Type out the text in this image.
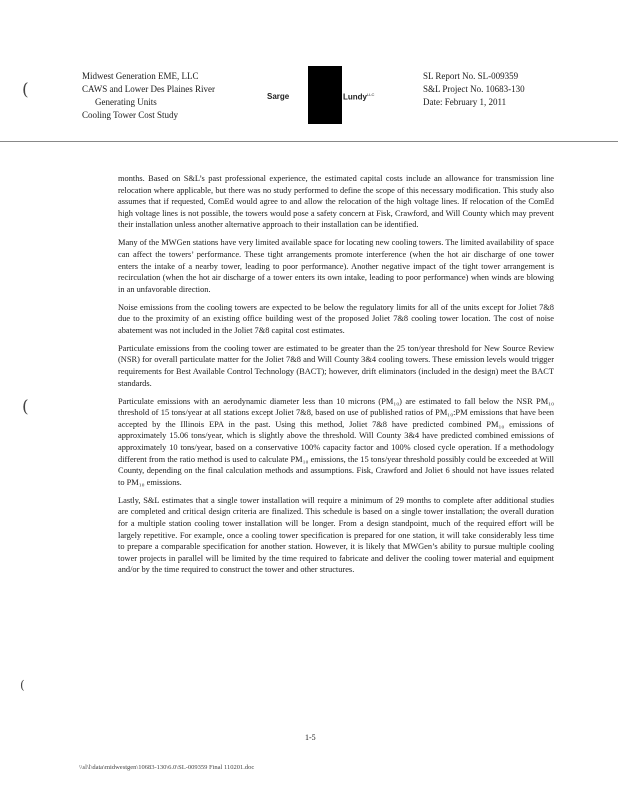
Midwest Generation EME, LLC
CAWS and Lower Des Plaines River
Generating Units
Cooling Tower Cost Study
Sarge	Lundy$^{LLC}$
SL Report No. SL-009359
S&L Project No. 10683-130
Date: February 1, 2011
(
(
(

months. Based on S&L’s past professional experience, the estimated capital costs include an allowance for transmission line relocation where applicable, but there was no study performed to define the scope of this necessary modification. This study also assumes that if requested, ComEd would agree to and allow the relocation of the high voltage lines. If relocation of the ComEd high voltage lines is not possible, the towers would pose a safety concern at Fisk, Crawford, and Will County which may prevent their installation unless another alternative approach to their installation can be identified.

Many of the MWGen stations have very limited available space for locating new cooling towers. The limited availability of space can affect the towers’ performance. These tight arrangements promote interference (when the hot air discharge of one tower enters the intake of a nearby tower, leading to poor performance). Another negative impact of the tight tower arrangement is recirculation (when the hot air discharge of a tower enters its own intake, leading to poor performance) when winds are blowing in an unfavorable direction.

Noise emissions from the cooling towers are expected to be below the regulatory limits for all of the units except for Joliet 7&8 due to the proximity of an existing office building west of the proposed Joliet 7&8 cooling tower location. The cost of noise abatement was not included in the Joliet 7&8 capital cost estimates.

Particulate emissions from the cooling tower are estimated to be greater than the 25 ton/year threshold for New Source Review (NSR) for overall particulate matter for the Joliet 7&8 and Will County 3&4 cooling towers. These emission levels would trigger requirements for Best Available Control Technology (BACT); however, drift eliminators (included in the design) meet the BACT standards.

Particulate emissions with an aerodynamic diameter less than 10 microns (PM₁₀) are estimated to fall below the NSR PM₁₀ threshold of 15 tons/year at all stations except Joliet 7&8, based on use of published ratios of PM₁₀:PM emissions that have been accepted by the Illinois EPA in the past. Using this method, Joliet 7&8 have predicted combined PM₁₀ emissions of approximately 15.06 tons/year, which is slightly above the threshold. Will County 3&4 have predicted combined emissions of approximately 10 tons/year, based on a conservative 100% capacity factor and 100% closed cycle operation. If a methodology different from the ratio method is used to calculate PM₁₀ emissions, the 15 tons/year threshold possibly could be exceeded at Will County, depending on the final calculation methods and assumptions. Fisk, Crawford and Joliet 6 should not have issues related to PM₁₀ emissions.

Lastly, S&L estimates that a single tower installation will require a minimum of 29 months to complete after additional studies are completed and critical design criteria are finalized. This schedule is based on a single tower installation; the overall duration for a multiple station cooling tower installation will be longer. From a design standpoint, much of the required effort will be largely repetitive. For example, once a cooling tower specification is prepared for one station, it will take considerably less time to prepare a comparable specification for another station. However, it is likely that MWGen’s ability to pursue multiple cooling tower projects in parallel will be limited by the time required to fabricate and deliver the cooling tower material and equipment and/or by the time required to construct the tower and other structures.

1-5
\\sl\l\data\midwestgen\10683-130\6.0\SL-009359 Final 110201.doc
